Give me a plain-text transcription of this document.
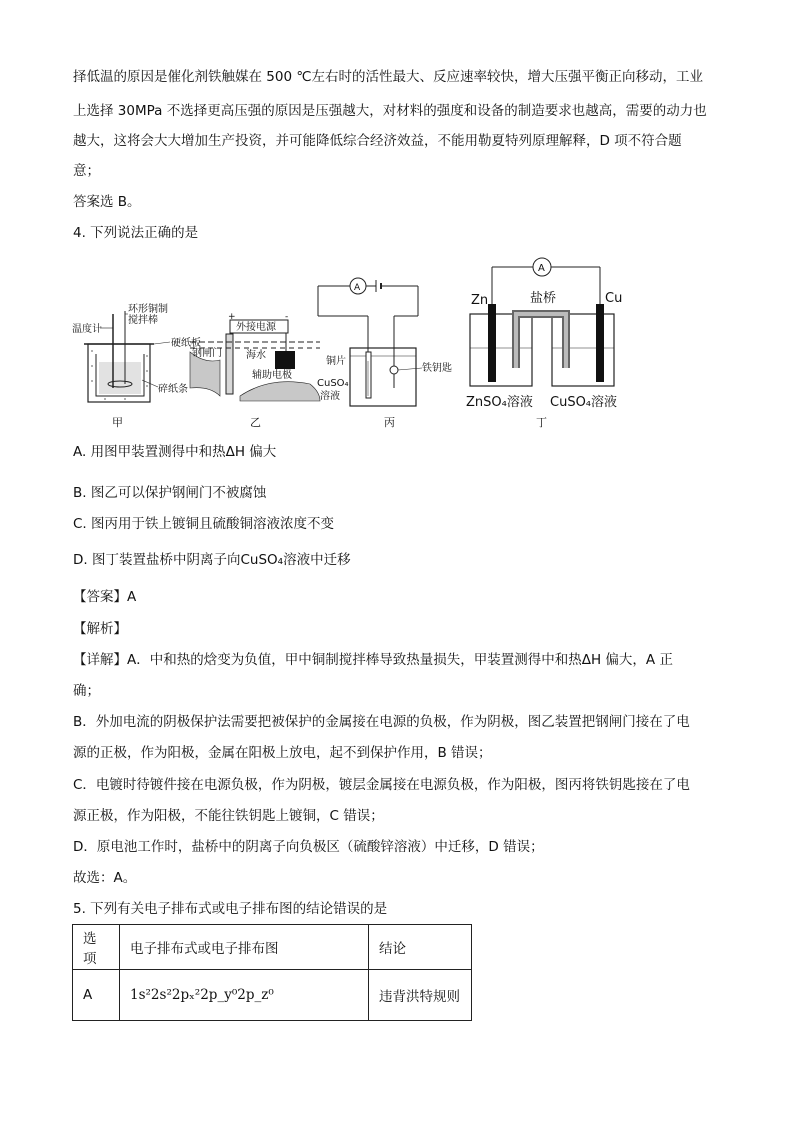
择低温的原因是催化剂铁触媒在 500 ℃左右时的活性最大、反应速率较快，增大压强平衡正向移动，工业
上选择 30MPa 不选择更高压强的原因是压强越大，对材料的强度和设备的制造要求也越高，需要的动力也
越大，这将会大大增加生产投资，并可能降低综合经济效益，不能用勒夏特列原理解释，D 项不符合题
意；
答案选 B。
4. 下列说法正确的是
温度计
环形铜制
搅拌棒
硬纸板
碎纸条
甲
外接电源
+	-
钢闸门 海水
辅助电极
乙
A
铁钥匙
铜片
CuSO₄
溶液
丙
A
Zn	Cu
盐桥
ZnSO₄溶液 CuSO₄溶液
丁
A. 用图甲装置测得中和热ΔH 偏大
B. 图乙可以保护钢闸门不被腐蚀
C. 图丙用于铁上镀铜且硫酸铜溶液浓度不变
D. 图丁装置盐桥中阴离子向CuSO₄溶液中迁移
【答案】A
【解析】
【详解】A．中和热的焓变为负值，甲中铜制搅拌棒导致热量损失，甲装置测得中和热ΔH 偏大，A 正
确；
B．外加电流的阴极保护法需要把被保护的金属接在电源的负极，作为阴极，图乙装置把钢闸门接在了电
源的正极，作为阳极，金属在阳极上放电，起不到保护作用，B 错误；
C．电镀时待镀件接在电源负极，作为阴极，镀层金属接在电源负极，作为阳极，图丙将铁钥匙接在了电
源正极，作为阳极，不能往铁钥匙上镀铜，C 错误；
D．原电池工作时，盐桥中的阴离子向负极区（硫酸锌溶液）中迁移，D 错误；
故选：A。
5. 下列有关电子排布式或电子排布图的结论错误的是
选项	电子排布式或电子排布图	结论
A	1s²2s²2pₓ²2p_y⁰2p_z⁰	违背洪特规则
